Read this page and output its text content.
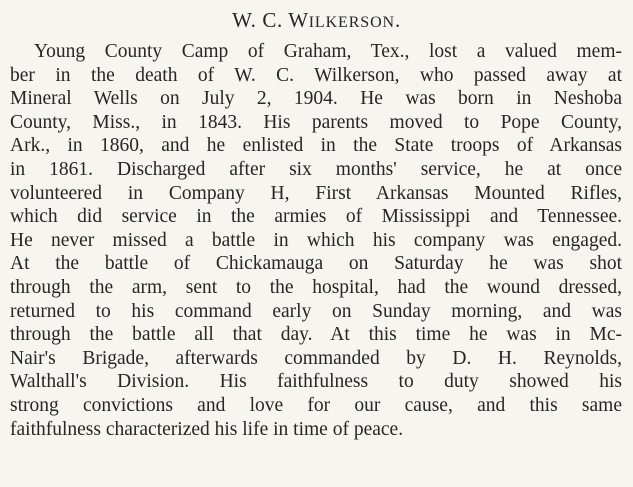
W. C. WILKERSON.
Young County Camp of Graham, Tex., lost a valued mem-
ber in the death of W. C. Wilkerson, who passed away at
Mineral Wells on July 2, 1904. He was born in Neshoba
County, Miss., in 1843. His parents moved to Pope County,
Ark., in 1860, and he enlisted in the State troops of Arkansas
in 1861. Discharged after six months' service, he at once
volunteered in Company H, First Arkansas Mounted Rifles,
which did service in the armies of Mississippi and Tennessee.
He never missed a battle in which his company was engaged.
At the battle of Chickamauga on Saturday he was shot
through the arm, sent to the hospital, had the wound dressed,
returned to his command early on Sunday morning, and was
through the battle all that day. At this time he was in Mc-
Nair's Brigade, afterwards commanded by D. H. Reynolds,
Walthall's Division. His faithfulness to duty showed his
strong convictions and love for our cause, and this same
faithfulness characterized his life in time of peace.
